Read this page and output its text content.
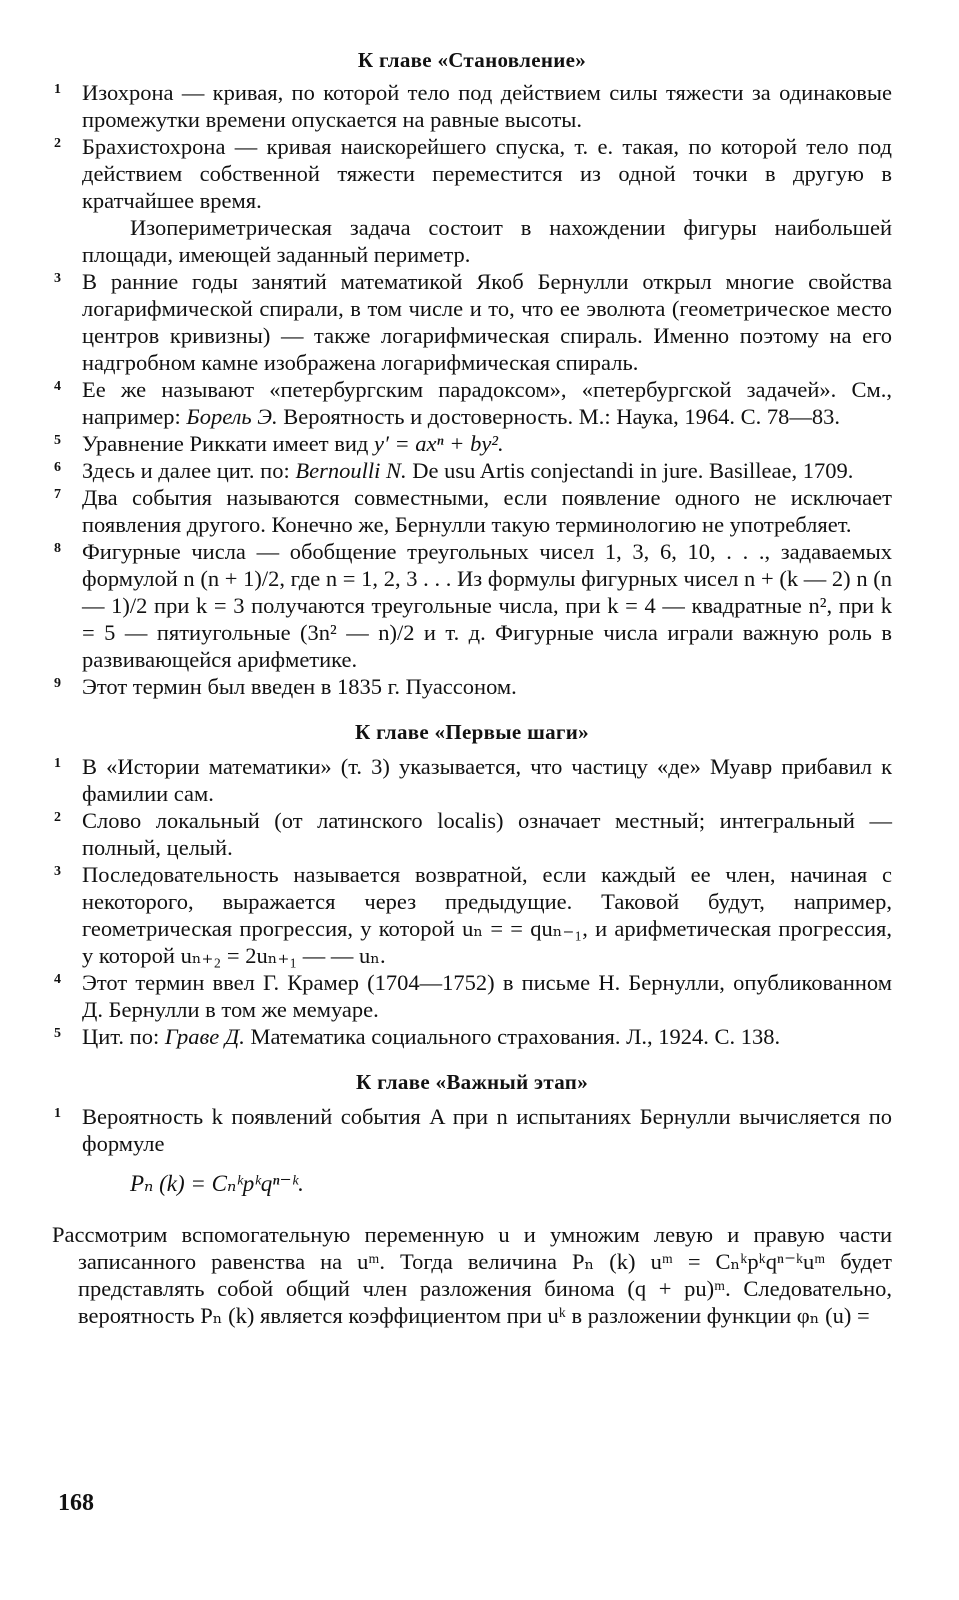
К главе «Становление»
1 Изохрона — кривая, по которой тело под действием силы тяжести за одинаковые промежутки времени опускается на равные высоты.

2 Брахистохрона — кривая наискорейшего спуска, т. е. такая, по которой тело под действием собственной тяжести переместится из одной точки в другую в кратчайшее время.

Изопериметрическая задача состоит в нахождении фигуры наибольшей площади, имеющей заданный периметр.

3 В ранние годы занятий математикой Якоб Бернулли открыл многие свойства логарифмической спирали, в том числе и то, что ее эволюта (геометрическое место центров кривизны) — также логарифмическая спираль. Именно поэтому на его надгробном камне изображена логарифмическая спираль.

4 Ее же называют «петербургским парадоксом», «петербургской задачей». См., например: Борель Э. Вероятность и достоверность. М.: Наука, 1964. С. 78—83.

5 Уравнение Риккати имеет вид y′ = axⁿ + by².

6 Здесь и далее цит. по: Bernoulli N. De usu Artis conjectandi in jure. Basilleae, 1709.

7 Два события называются совместными, если появление одного не исключает появления другого. Конечно же, Бернулли такую терминологию не употребляет.

8 Фигурные числа — обобщение треугольных чисел 1, 3, 6, 10, . . ., задаваемых формулой n (n + 1)/2, где n = 1, 2, 3 . . . Из формулы фигурных чисел n + (k — 2) n (n — 1)/2 при k = 3 получаются треугольные числа, при k = 4 — квадратные n², при k = 5 — пятиугольные (3n² — n)/2 и т. д. Фигурные числа играли важную роль в развивающейся арифметике.

9 Этот термин был введен в 1835 г. Пуассоном.

К главе «Первые шаги»
1 В «Истории математики» (т. 3) указывается, что частицу «де» Муавр прибавил к фамилии сам.

2 Слово локальный (от латинского localis) означает местный; интегральный — полный, целый.

3 Последовательность называется возвратной, если каждый ее член, начиная с некоторого, выражается через предыдущие. Таковой будут, например, геометрическая прогрессия, у которой uₙ = = quₙ₋₁, и арифметическая прогрессия, у которой uₙ₊₂ = 2uₙ₊₁ — — uₙ.

4 Этот термин ввел Г. Крамер (1704—1752) в письме Н. Бернулли, опубликованном Д. Бернулли в том же мемуаре.

5 Цит. по: Граве Д. Математика социального страхования. Л., 1924. С. 138.

К главе «Важный этап»
1 Вероятность k появлений события A при n испытаниях Бернулли вычисляется по формуле

Pₙ (k) = Cₙᵏpᵏqⁿ⁻ᵏ.

Рассмотрим вспомогательную переменную u и умножим левую и правую части записанного равенства на uᵐ. Тогда величина Pₙ (k) uᵐ = Cₙᵏpᵏqⁿ⁻ᵏuᵐ будет представлять собой общий член разложения бинома (q + pu)ᵐ. Следовательно, вероятность Pₙ (k) является коэффициентом при uᵏ в разложении функции φₙ (u) =

168
